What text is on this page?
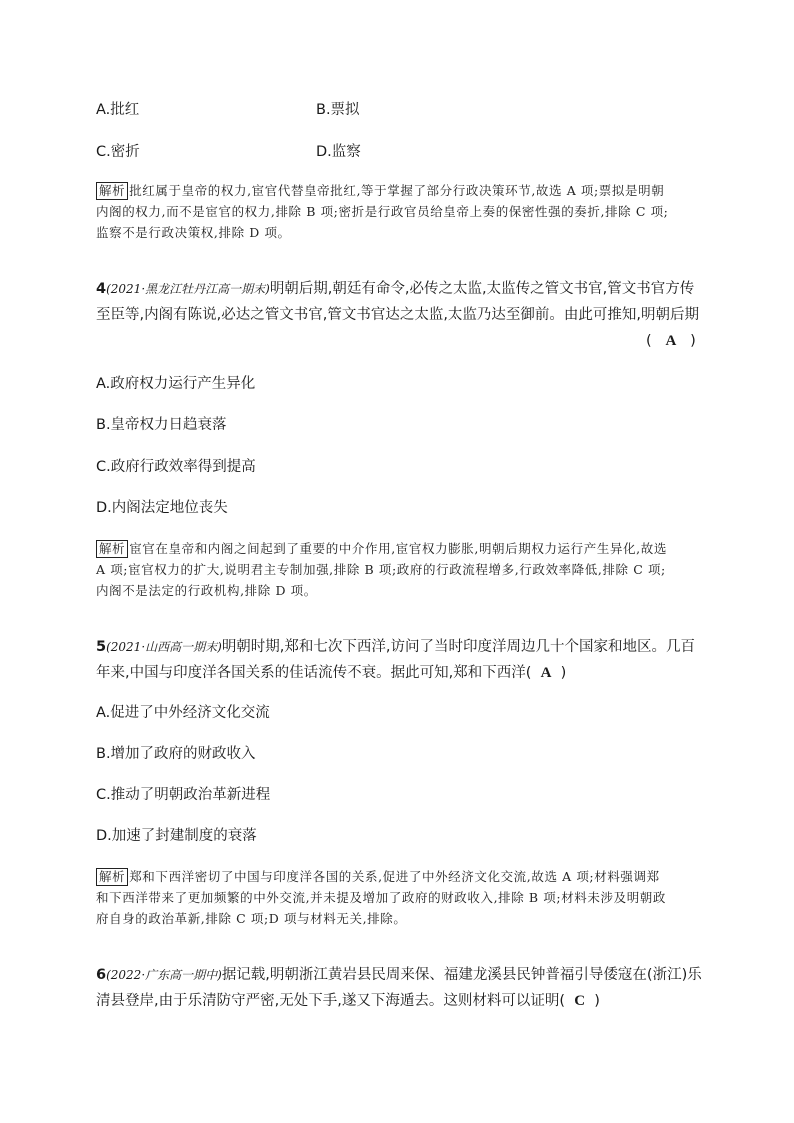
A.批红	B.票拟
C.密折	D.监察
解析 批红属于皇帝的权力,宦官代替皇帝批红,等于掌握了部分行政决策环节,故选 A 项;票拟是明朝
内阁的权力,而不是宦官的权力,排除 B 项;密折是行政官员给皇帝上奏的保密性强的奏折,排除 C 项;
监察不是行政决策权,排除 D 项。
4(2021·黑龙江牡丹江高一期末)明朝后期,朝廷有命令,必传之太监,太监传之管文书官,管文书官方传
至臣等,内阁有陈说,必达之管文书官,管文书官达之太监,太监乃达至御前。由此可推知,明朝后期
( A )
A.政府权力运行产生异化
B.皇帝权力日趋衰落
C.政府行政效率得到提高
D.内阁法定地位丧失
解析 宦官在皇帝和内阁之间起到了重要的中介作用,宦官权力膨胀,明朝后期权力运行产生异化,故选
A 项;宦官权力的扩大,说明君主专制加强,排除 B 项;政府的行政流程增多,行政效率降低,排除 C 项;
内阁不是法定的行政机构,排除 D 项。
5(2021·山西高一期末)明朝时期,郑和七次下西洋,访问了当时印度洋周边几十个国家和地区。几百
年来,中国与印度洋各国关系的佳话流传不衰。据此可知,郑和下西洋( A )
A.促进了中外经济文化交流
B.增加了政府的财政收入
C.推动了明朝政治革新进程
D.加速了封建制度的衰落
解析 郑和下西洋密切了中国与印度洋各国的关系,促进了中外经济文化交流,故选 A 项;材料强调郑
和下西洋带来了更加频繁的中外交流,并未提及增加了政府的财政收入,排除 B 项;材料未涉及明朝政
府自身的政治革新,排除 C 项;D 项与材料无关,排除。
6(2022·广东高一期中)据记载,明朝浙江黄岩县民周来保、福建龙溪县民钟普福引导倭寇在(浙江)乐
清县登岸,由于乐清防守严密,无处下手,遂又下海遁去。这则材料可以证明( C )
